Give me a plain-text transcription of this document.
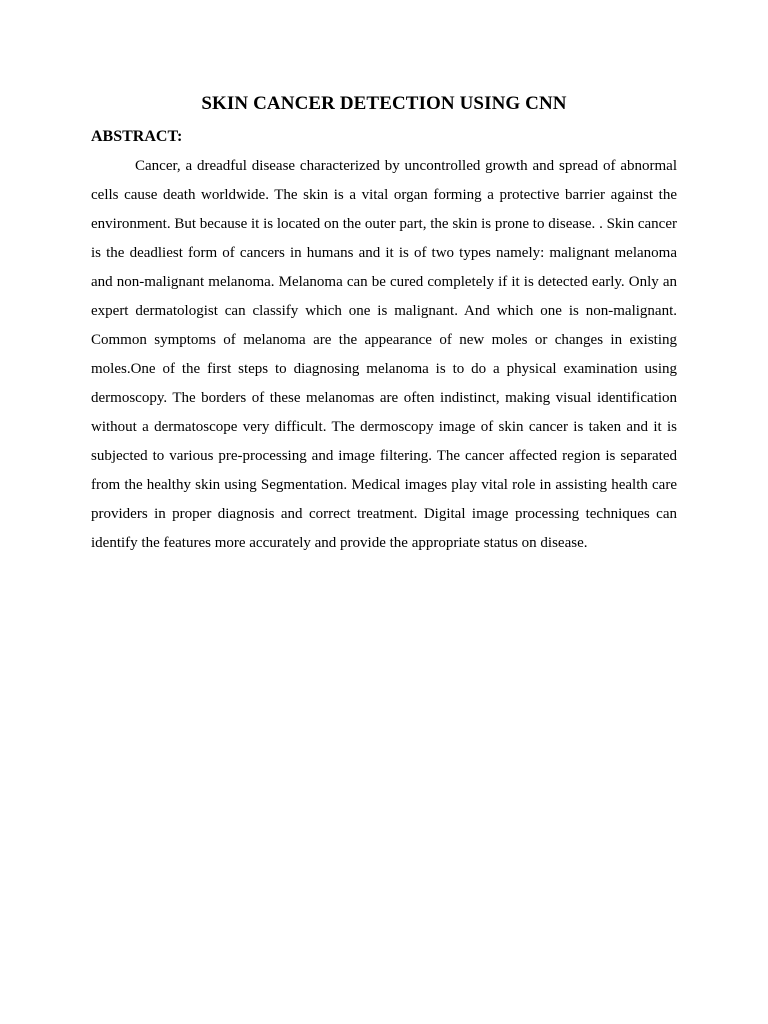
SKIN CANCER DETECTION USING CNN
ABSTRACT:

Cancer, a dreadful disease characterized by uncontrolled growth and spread of abnormal cells cause death worldwide. The skin is a vital organ forming a protective barrier against the environment. But because it is located on the outer part, the skin is prone to disease. . Skin cancer is the deadliest form of cancers in humans and it is of two types namely: malignant melanoma and non-malignant melanoma. Melanoma can be cured completely if it is detected early. Only an expert dermatologist can classify which one is malignant. And which one is non-malignant. Common symptoms of melanoma are the appearance of new moles or changes in existing moles.One of the first steps to diagnosing melanoma is to do a physical examination using dermoscopy. The borders of these melanomas are often indistinct, making visual identification without a dermatoscope very difficult. The dermoscopy image of skin cancer is taken and it is subjected to various pre-processing and image filtering. The cancer affected region is separated from the healthy skin using Segmentation. Medical images play vital role in assisting health care providers in proper diagnosis and correct treatment. Digital image processing techniques can identify the features more accurately and provide the appropriate status on disease.
